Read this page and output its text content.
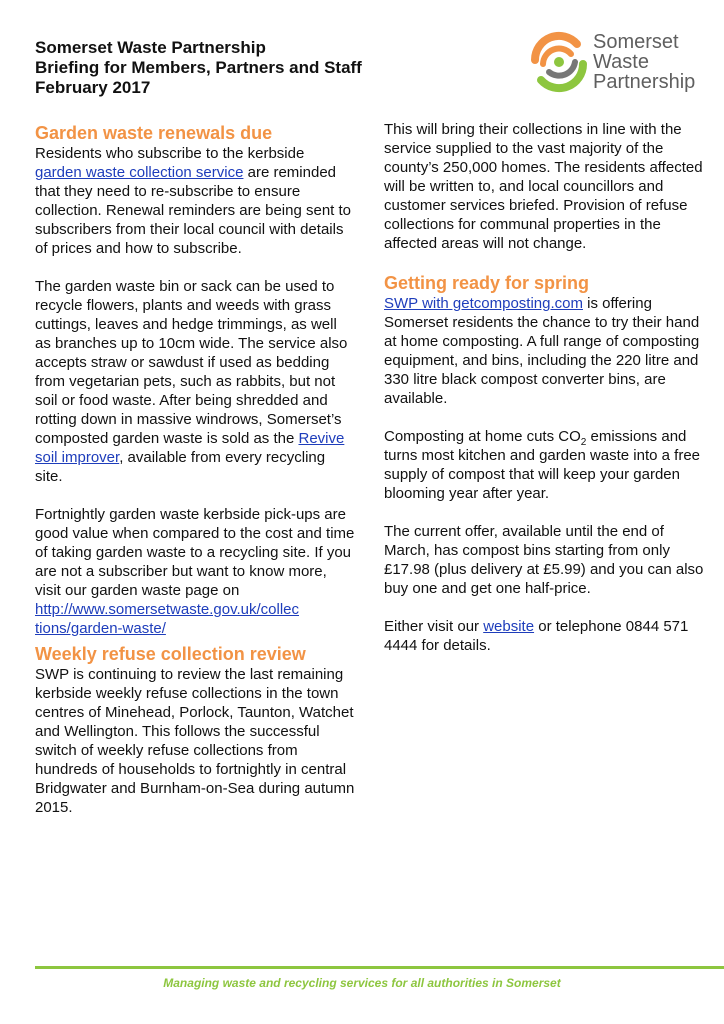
Somerset Waste Partnership
Briefing for Members, Partners and Staff
February 2017
Somerset
Waste
Partnership
Garden waste renewals due

Residents who subscribe to the kerbside garden waste collection service are reminded that they need to re-subscribe to ensure collection. Renewal reminders are being sent to subscribers from their local council with details of prices and how to subscribe.

The garden waste bin or sack can be used to recycle flowers, plants and weeds with grass cuttings, leaves and hedge trimmings, as well as branches up to 10cm wide. The service also accepts straw or sawdust if used as bedding from vegetarian pets, such as rabbits, but not soil or food waste. After being shredded and rotting down in massive windrows, Somerset’s composted garden waste is sold as the Revive soil improver, available from every recycling site.

Fortnightly garden waste kerbside pick-ups are good value when compared to the cost and time of taking garden waste to a recycling site. If you are not a subscriber but want to know more, visit our garden waste page on
http://www.somersetwaste.gov.uk/collec
tions/garden-waste/

Weekly refuse collection review

SWP is continuing to review the last remaining kerbside weekly refuse collections in the town centres of Minehead, Porlock, Taunton, Watchet and Wellington. This follows the successful switch of weekly refuse collections from hundreds of households to fortnightly in central Bridgwater and Burnham-on-Sea during autumn 2015.

This will bring their collections in line with the service supplied to the vast majority of the county’s 250,000 homes. The residents affected will be written to, and local councillors and customer services briefed. Provision of refuse collections for communal properties in the affected areas will not change.

Getting ready for spring

SWP with getcomposting.com is offering Somerset residents the chance to try their hand at home composting. A full range of composting equipment, and bins, including the 220 litre and 330 litre black compost converter bins, are available.

Composting at home cuts $CO_2$ emissions and turns most kitchen and garden waste into a free supply of compost that will keep your garden blooming year after year.

The current offer, available until the end of March, has compost bins starting from only £17.98 (plus delivery at £5.99) and you can also buy one and get one half-price.

Either visit our website or telephone 0844 571 4444 for details.

Managing waste and recycling services for all authorities in Somerset
